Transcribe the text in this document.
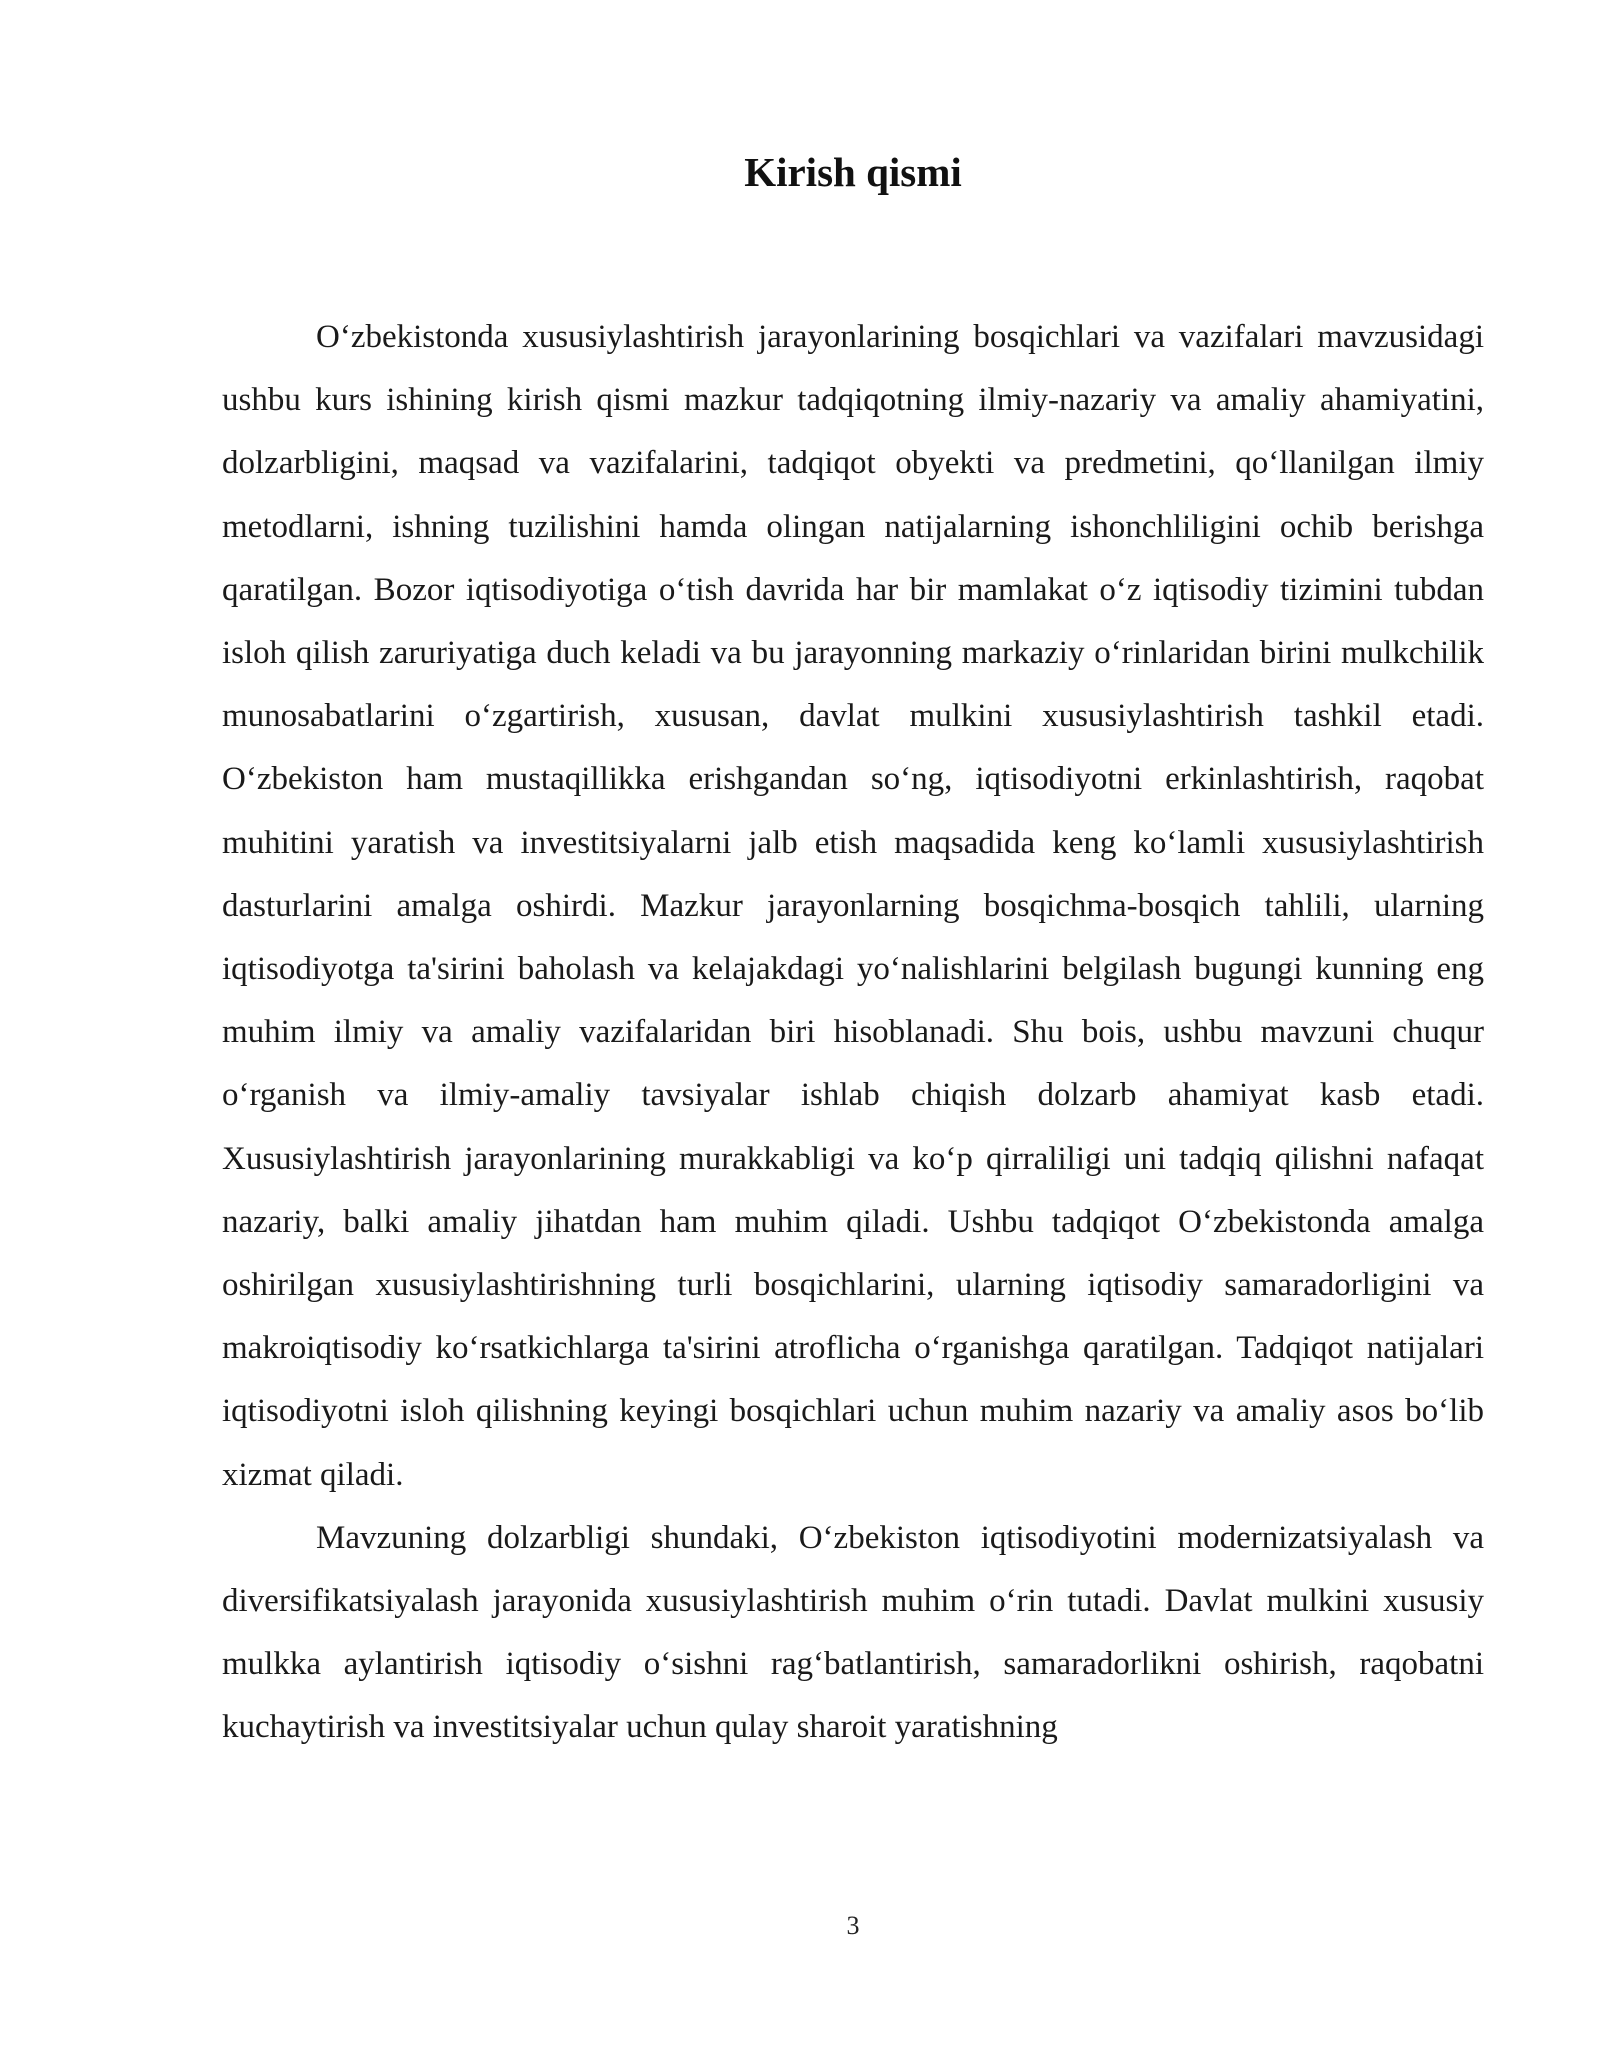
Kirish qismi

O‘zbekistonda xususiylashtirish jarayonlarining bosqichlari va vazifalari mavzusidagi ushbu kurs ishining kirish qismi mazkur tadqiqotning ilmiy-nazariy va amaliy ahamiyatini, dolzarbligini, maqsad va vazifalarini, tadqiqot obyekti va predmetini, qo‘llanilgan ilmiy metodlarni, ishning tuzilishini hamda olingan natijalarning ishonchliligini ochib berishga qaratilgan. Bozor iqtisodiyotiga o‘tish davrida har bir mamlakat o‘z iqtisodiy tizimini tubdan isloh qilish zaruriyatiga duch keladi va bu jarayonning markaziy o‘rinlaridan birini mulkchilik munosabatlarini o‘zgartirish, xususan, davlat mulkini xususiylashtirish tashkil etadi. O‘zbekiston ham mustaqillikka erishgandan so‘ng, iqtisodiyotni erkinlashtirish, raqobat muhitini yaratish va investitsiyalarni jalb etish maqsadida keng ko‘lamli xususiylashtirish dasturlarini amalga oshirdi. Mazkur jarayonlarning bosqichma-bosqich tahlili, ularning iqtisodiyotga ta'sirini baholash va kelajakdagi yo‘nalishlarini belgilash bugungi kunning eng muhim ilmiy va amaliy vazifalaridan biri hisoblanadi. Shu bois, ushbu mavzuni chuqur o‘rganish va ilmiy-amaliy tavsiyalar ishlab chiqish dolzarb ahamiyat kasb etadi. Xususiylashtirish jarayonlarining murakkabligi va ko‘p qirraliligi uni tadqiq qilishni nafaqat nazariy, balki amaliy jihatdan ham muhim qiladi. Ushbu tadqiqot O‘zbekistonda amalga oshirilgan xususiylashtirishning turli bosqichlarini, ularning iqtisodiy samaradorligini va makroiqtisodiy ko‘rsatkichlarga ta'sirini atroflicha o‘rganishga qaratilgan. Tadqiqot natijalari iqtisodiyotni isloh qilishning keyingi bosqichlari uchun muhim nazariy va amaliy asos bo‘lib xizmat qiladi.

Mavzuning dolzarbligi shundaki, O‘zbekiston iqtisodiyotini modernizatsiyalash va diversifikatsiyalash jarayonida xususiylashtirish muhim o‘rin tutadi. Davlat mulkini xususiy mulkka aylantirish iqtisodiy o‘sishni rag‘batlantirish, samaradorlikni oshirish, raqobatni kuchaytirish va investitsiyalar uchun qulay sharoit yaratishning

3
